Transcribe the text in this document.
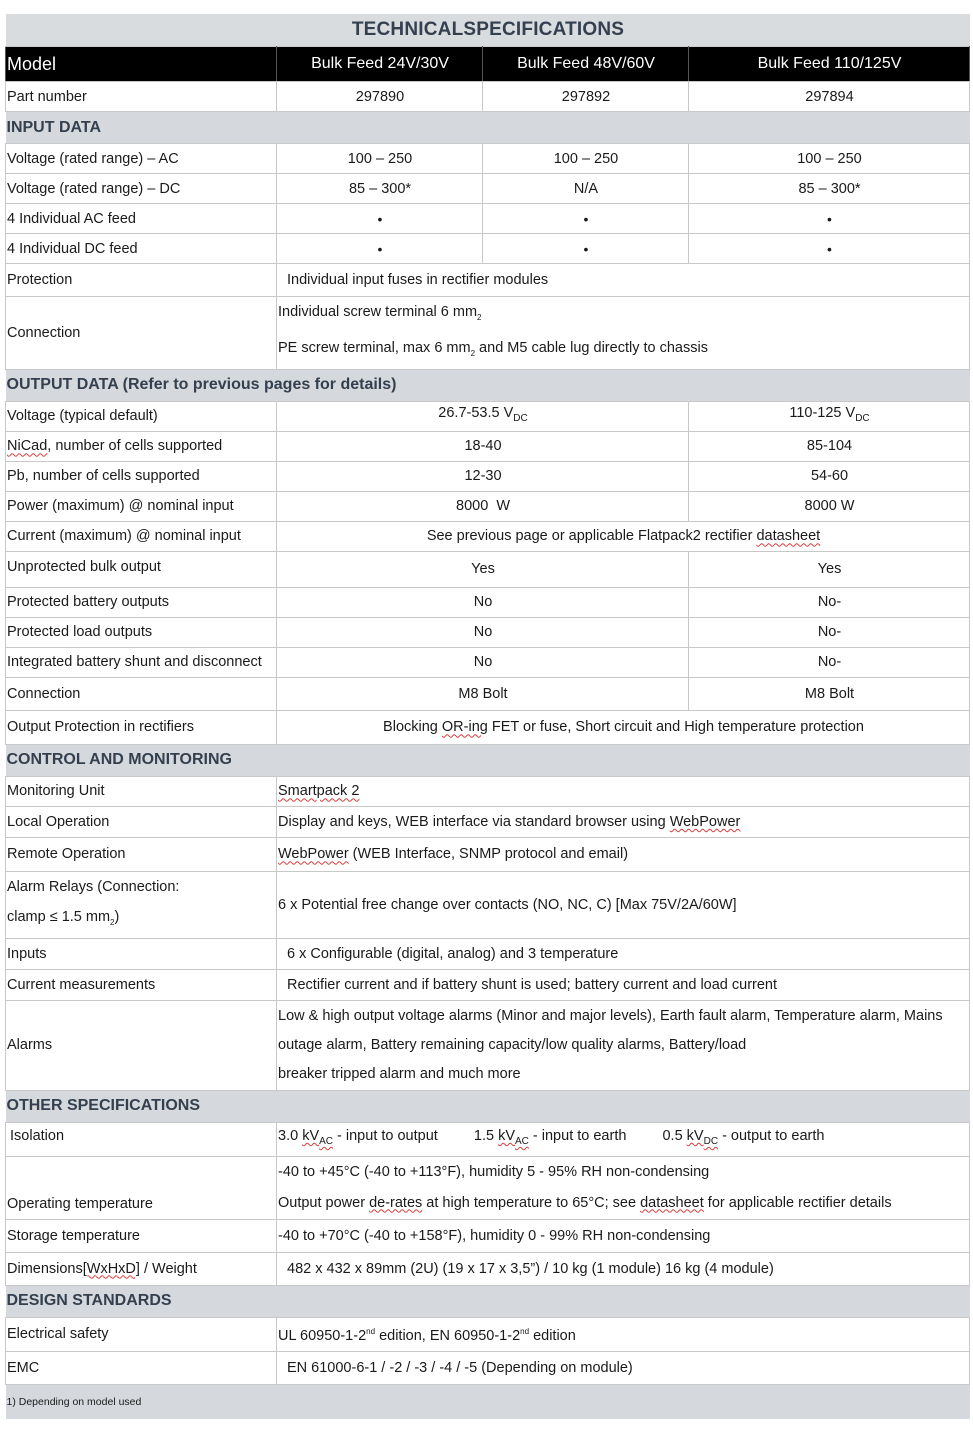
TECHNICALSPECIFICATIONS			
Model	Bulk Feed 24V/30V	Bulk Feed 48V/60V	Bulk Feed 110/125V
Part number	297890	297892	297894
INPUT DATA			
Voltage (rated range) – AC	100 – 250	100 – 250	100 – 250
Voltage (rated range) – DC	85 – 300*	N/A	85 – 300*
4 Individual AC feed	•	•	•
4 Individual DC feed	•	•	•
Protection	Individual input fuses in rectifier modules		
Connection	Individual screw terminal 6 $mm_2$
PE screw terminal, max 6 $mm_2$ and M5 cable lug directly to chassis		

OUTPUT DATA (Refer to previous pages for details)			
Voltage (typical default)	26.7-53.5 $V_{DC}$		110-125 $V_{DC}$
NiCad, number of cells supported	18-40		85-104
Pb, number of cells supported	12-30		54-60
Power (maximum) @ nominal input	8000  W		8000 W
Current (maximum) @ nominal input	See previous page or applicable Flatpack2 rectifier datasheet		
Unprotected bulk output	Yes		Yes
Protected battery outputs	No		No-
Protected load outputs	No		No-
Integrated battery shunt and disconnect	No		No-
Connection	M8 Bolt		M8 Bolt
Output Protection in rectifiers	Blocking OR-ing FET or fuse, Short circuit and High temperature protection		
CONTROL AND MONITORING			
Monitoring Unit	Smartpack 2		
Local Operation	Display and keys, WEB interface via standard browser using WebPower		
Remote Operation	WebPower (WEB Interface, SNMP protocol and email)		

Alarm Relays (Connection:
clamp ≤ 1.5 $mm_2$)	6 x Potential free change over contacts (NO, NC, C) [Max 75V/2A/60W]		
Inputs	6 x Configurable (digital, analog) and 3 temperature		
Current measurements	Rectifier current and if battery shunt is used; battery current and load current		
Alarms	Low & high output voltage alarms (Minor and major levels), Earth fault alarm, Temperature alarm, Mains
outage alarm, Battery remaining capacity/low quality alarms, Battery/load
breaker tripped alarm and much more		

OTHER SPECIFICATIONS			
Isolation	3.0 $kV_{AC}$ - input to output 1.5 $kV_{AC}$ - input to earth 0.5 $kV_{DC}$ - output to earth		
Operating temperature	-40 to +45°C (-40 to +113°F), humidity 5 - 95% RH non-condensing
Output power de-rates at high temperature to 65°C; see datasheet for applicable rectifier details		

Storage temperature	-40 to +70°C (-40 to +158°F), humidity 0 - 99% RH non-condensing		
Dimensions[WxHxD] / Weight	482 x 432 x 89mm (2U) (19 x 17 x 3,5”) / 10 kg (1 module) 16 kg (4 module)		
DESIGN STANDARDS			
Electrical safety	UL 60950-1-2nd edition, EN 60950-1-2nd edition		
EMC	EN 61000-6-1 / -2 / -3 / -4 / -5 (Depending on module)		
1) Depending on model used			
